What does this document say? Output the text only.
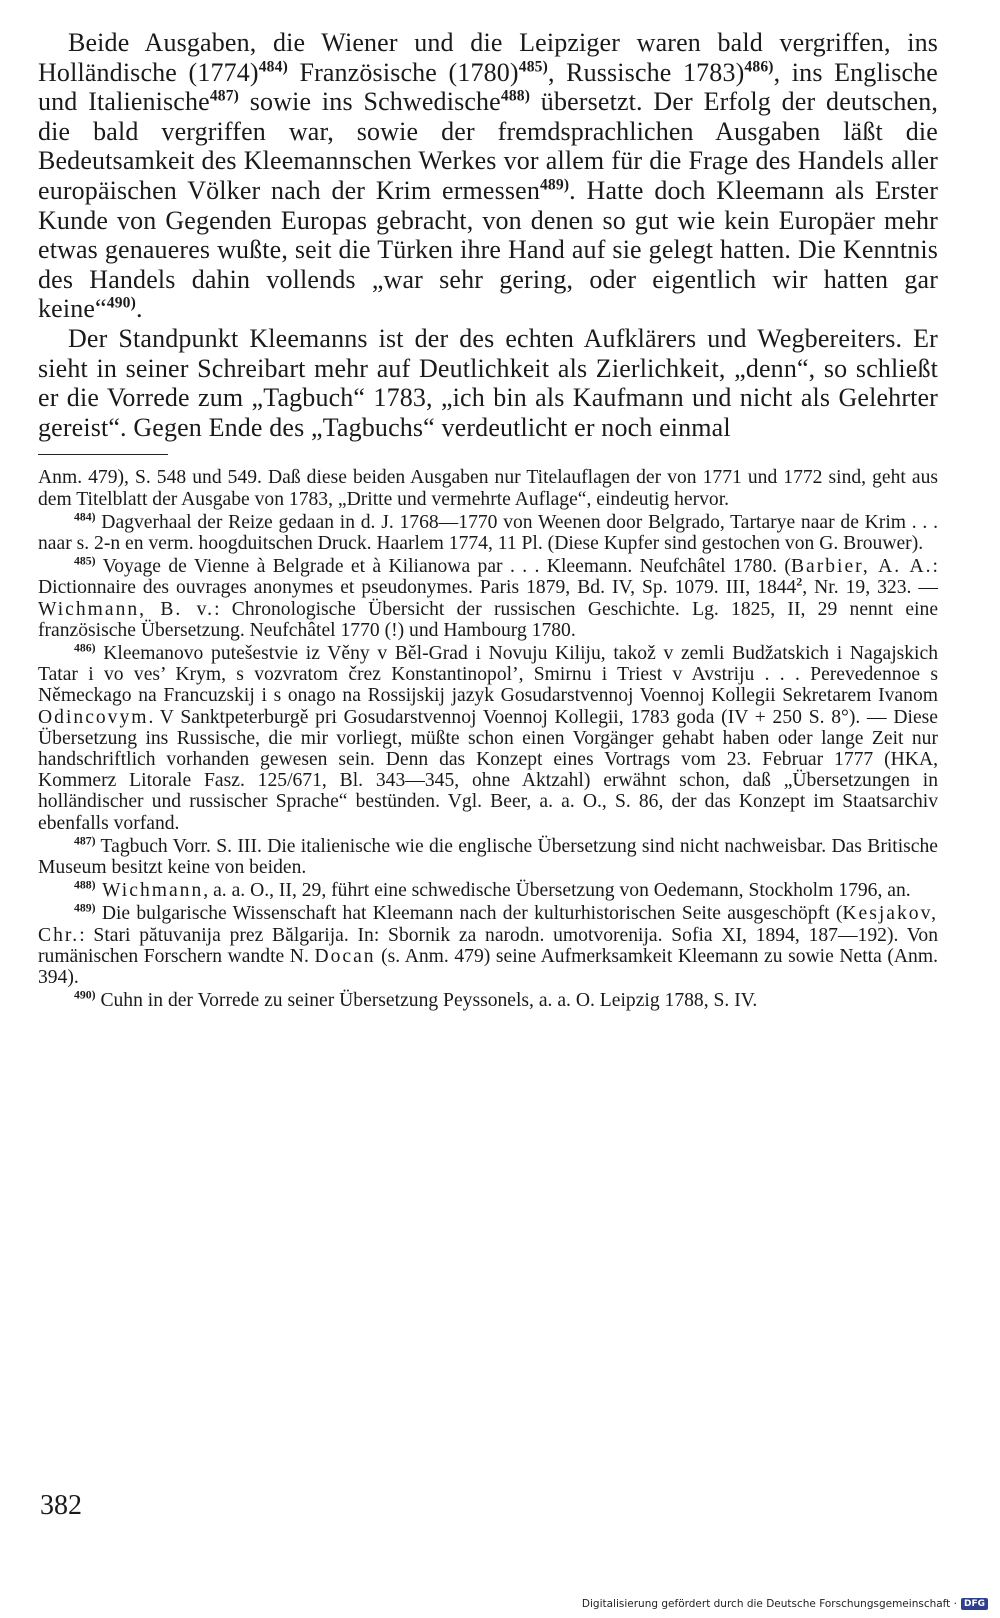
Beide Ausgaben, die Wiener und die Leipziger waren bald vergriffen, ins Holländische $(1774)^{484)}$ Französische $(1780)^{485)}$, Russische 1783)$^{486)}$, ins Englische und Italienische$^{487)}$ sowie ins Schwedische$^{488)}$ übersetzt. Der Erfolg der deutschen, die bald vergriffen war, sowie der fremdsprachlichen Ausgaben läßt die Bedeutsamkeit des Kleemannschen Werkes vor allem für die Frage des Handels aller europäischen Völker nach der Krim ermessen$^{489)}$. Hatte doch Kleemann als Erster Kunde von Gegenden Europas gebracht, von denen so gut wie kein Europäer mehr etwas genaueres wußte, seit die Türken ihre Hand auf sie gelegt hatten. Die Kenntnis des Handels dahin vollends „war sehr gering, oder eigentlich wir hatten gar keine“$^{490)}$.

Der Standpunkt Kleemanns ist der des echten Aufklärers und Wegbereiters. Er sieht in seiner Schreibart mehr auf Deutlichkeit als Zierlichkeit, „denn“, so schließt er die Vorrede zum „Tagbuch“ 1783, „ich bin als Kaufmann und nicht als Gelehrter gereist“. Gegen Ende des „Tagbuchs“ verdeutlicht er noch einmal

Anm. 479), S. 548 und 549. Daß diese beiden Ausgaben nur Titelauflagen der von 1771 und 1772 sind, geht aus dem Titelblatt der Ausgabe von 1783, „Dritte und vermehrte Auflage“, eindeutig hervor.

$^{484)}$ Dagverhaal der Reize gedaan in d. J. 1768—1770 von Weenen door Belgrado, Tartarye naar de Krim . . . naar s. 2-n en verm. hoogduitschen Druck. Haarlem 1774, 11 Pl. (Diese Kupfer sind gestochen von G. Brouwer).

$^{485)}$ Voyage de Vienne à Belgrade et à Kilianowa par . . . Kleemann. Neufchâtel 1780. (Barbier, A. A.: Dictionnaire des ouvrages anonymes et pseudonymes. Paris 1879, Bd. IV, Sp. 1079. III, 1844$^2$, Nr. 19, 323. — Wichmann, B. v.: Chronologische Übersicht der russischen Geschichte. Lg. 1825, II, 29 nennt eine französische Übersetzung. Neufchâtel 1770 (!) und Hambourg 1780.

$^{486)}$ Kleemanovo putešestvie iz Věny v Běl-Grad i Novuju Kiliju, takož v zemli Budžatskich i Nagajskich Tatar i vo ves’ Krym, s vozvratom črez Konstantinopol’, Smirnu i Triest v Avstriju . . . Perevedennoe s Německago na Francuzskij i s onago na Rossijskij jazyk Gosudarstvennoj Voennoj Kollegii Sekretarem Ivanom Odincovym. V Sanktpeterburgě pri Gosudarstvennoj Voennoj Kollegii, 1783 goda (IV + 250 S. 8°). — Diese Übersetzung ins Russische, die mir vorliegt, müßte schon einen Vorgänger gehabt haben oder lange Zeit nur handschriftlich vorhanden gewesen sein. Denn das Konzept eines Vortrags vom 23. Februar 1777 (HKA, Kommerz Litorale Fasz. 125/671, Bl. 343—345, ohne Aktzahl) erwähnt schon, daß „Übersetzungen in holländischer und russischer Sprache“ bestünden. Vgl. Beer, a. a. O., S. 86, der das Konzept im Staatsarchiv ebenfalls vorfand.

$^{487)}$ Tagbuch Vorr. S. III. Die italienische wie die englische Übersetzung sind nicht nachweisbar. Das Britische Museum besitzt keine von beiden.

$^{488)}$ Wichmann, a. a. O., II, 29, führt eine schwedische Übersetzung von Oedemann, Stockholm 1796, an.

$^{489)}$ Die bulgarische Wissenschaft hat Kleemann nach der kulturhistorischen Seite ausgeschöpft (Kesjakov, Chr.: Stari pătuvanija prez Bălgarija. In: Sbornik za narodn. umotvorenija. Sofia XI, 1894, 187—192). Von rumänischen Forschern wandte N. Docan (s. Anm. 479) seine Aufmerksamkeit Kleemann zu sowie Netta (Anm. 394).

$^{490)}$ Cuhn in der Vorrede zu seiner Übersetzung Peyssonels, a. a. O. Leipzig 1788, S. IV.

382
Digitalisierung gefördert durch die Deutsche Forschungsgemeinschaft · DFG
